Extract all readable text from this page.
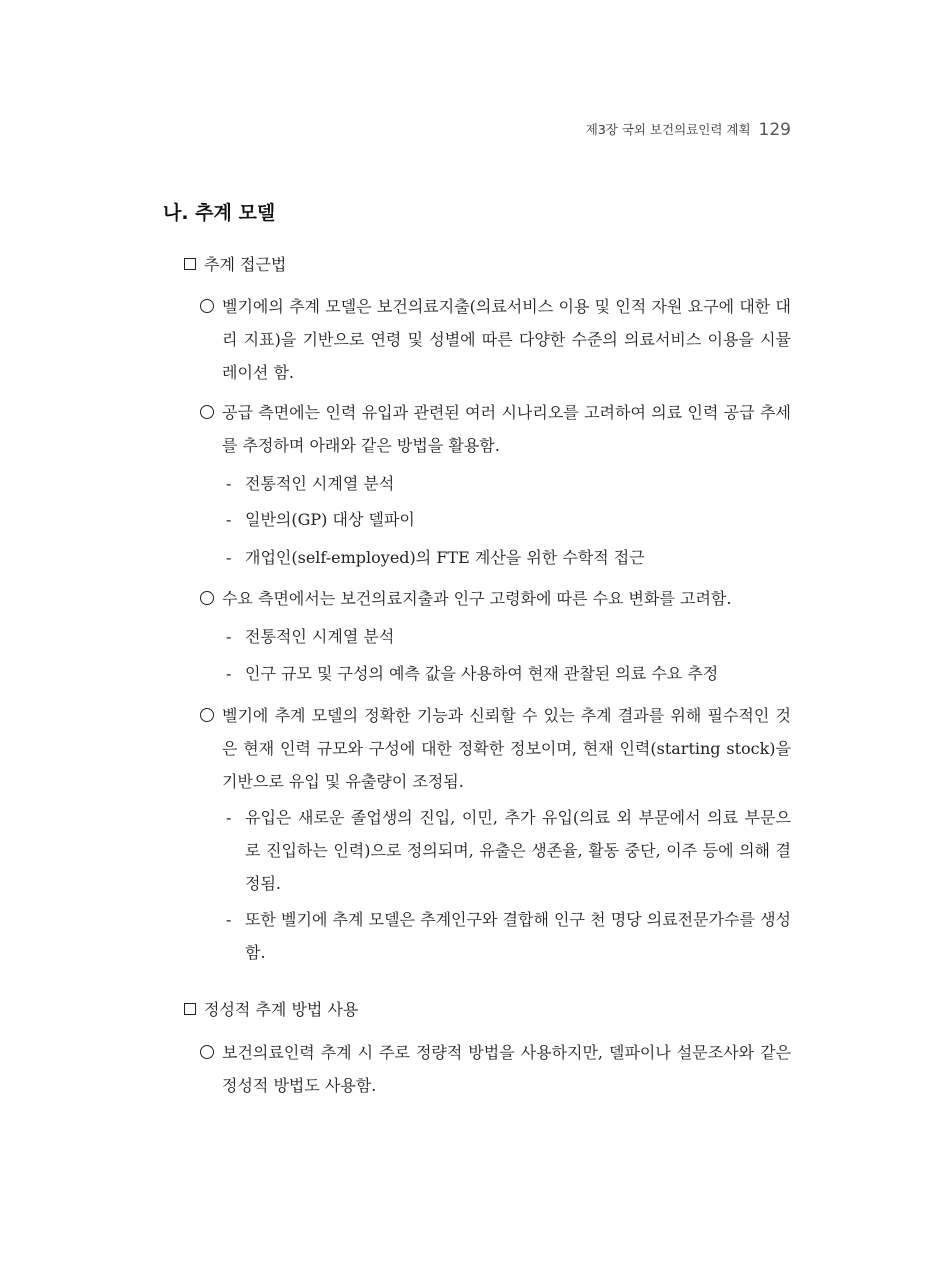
제3장 국외 보건의료인력 계획 129
나. 추계 모델
추계 접근법
벨기에의 추계 모델은 보건의료지출(의료서비스 이용 및 인적 자원 요구에 대한 대리 지표)을 기반으로 연령 및 성별에 따른 다양한 수준의 의료서비스 이용을 시뮬레이션 함.
공급 측면에는 인력 유입과 관련된 여러 시나리오를 고려하여 의료 인력 공급 추세를 추정하며 아래와 같은 방법을 활용함.
- 전통적인 시계열 분석
- 일반의(GP) 대상 델파이
- 개업인(self-employed)의 FTE 계산을 위한 수학적 접근
수요 측면에서는 보건의료지출과 인구 고령화에 따른 수요 변화를 고려함.
- 전통적인 시계열 분석
- 인구 규모 및 구성의 예측 값을 사용하여 현재 관찰된 의료 수요 추정
벨기에 추계 모델의 정확한 기능과 신뢰할 수 있는 추계 결과를 위해 필수적인 것은 현재 인력 규모와 구성에 대한 정확한 정보이며, 현재 인력(starting stock)을 기반으로 유입 및 유출량이 조정됨.
- 유입은 새로운 졸업생의 진입, 이민, 추가 유입(의료 외 부문에서 의료 부문으로 진입하는 인력)으로 정의되며, 유출은 생존율, 활동 중단, 이주 등에 의해 결정됨.
- 또한 벨기에 추계 모델은 추계인구와 결합해 인구 천 명당 의료전문가수를 생성함.
정성적 추계 방법 사용
보건의료인력 추계 시 주로 정량적 방법을 사용하지만, 델파이나 설문조사와 같은 정성적 방법도 사용함.
